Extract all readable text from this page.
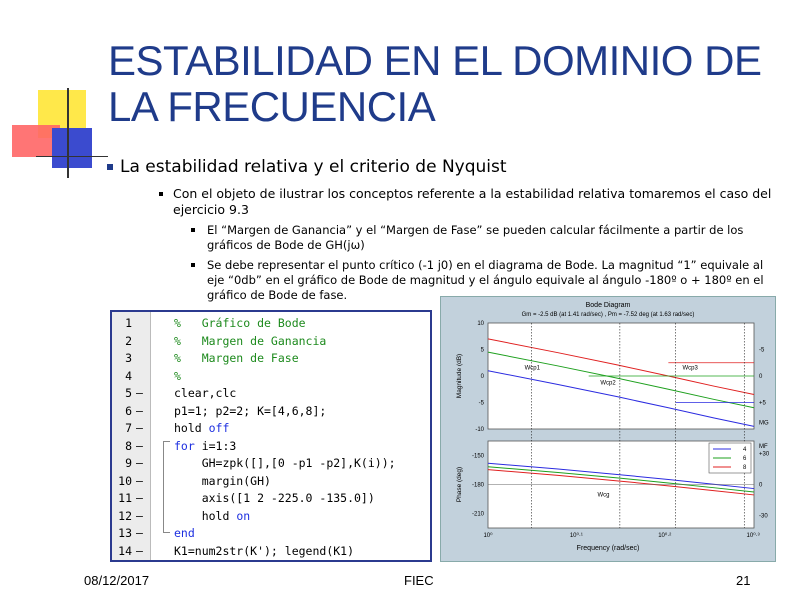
ESTABILIDAD EN EL DOMINIO DE LA FRECUENCIA
La estabilidad relativa y el criterio de Nyquist
Con el objeto de ilustrar los conceptos referente a la estabilidad relativa tomaremos el caso del ejercicio 9.3
El “Margen de Ganancia” y el “Margen de Fase” se pueden calcular fácilmente a partir de los gráficos de Bode de GH(jω)
Se debe representar el punto crítico (-1 j0) en el diagrama de Bode. La magnitud “1” equivale al eje “0db” en el gráfico de Bode de magnitud y el ángulo equivale al ángulo -180º o + 180º en el gráfico de Bode de fase.
1	%   Gráfico de Bode
2	%   Margen de Ganancia
3	%   Margen de Fase
4	%
5 –	clear,clc
6 –	p1=1; p2=2; K=[4,6,8];
7 –	hold off
8 –	for i=1:3
9 –	GH=zpk([],[0 -p1 -p2],K(i));
10 –	margin(GH)
11 –	axis([1 2 -225.0 -135.0])
12 –	hold on
13 –	end
14 –	K1=num2str(K'); legend(K1)
Bode Diagram
Gm = -2.5 dB (at 1.41 rad/sec) , Pm = -7.52 deg (at 1.63 rad/sec)
10
5
0
-5
-10
-150
-180
-210
10⁰	10⁰·¹	10⁰·²	10⁰·³
Frequency (rad/sec)
Magnitude (dB)
Phase (deg)
-5
0
+5
MG
MF
+30
0
-30
Wcp1
Wcp2
Wcp3
Wcg
4
6
8
08/12/2017	FIEC	21
